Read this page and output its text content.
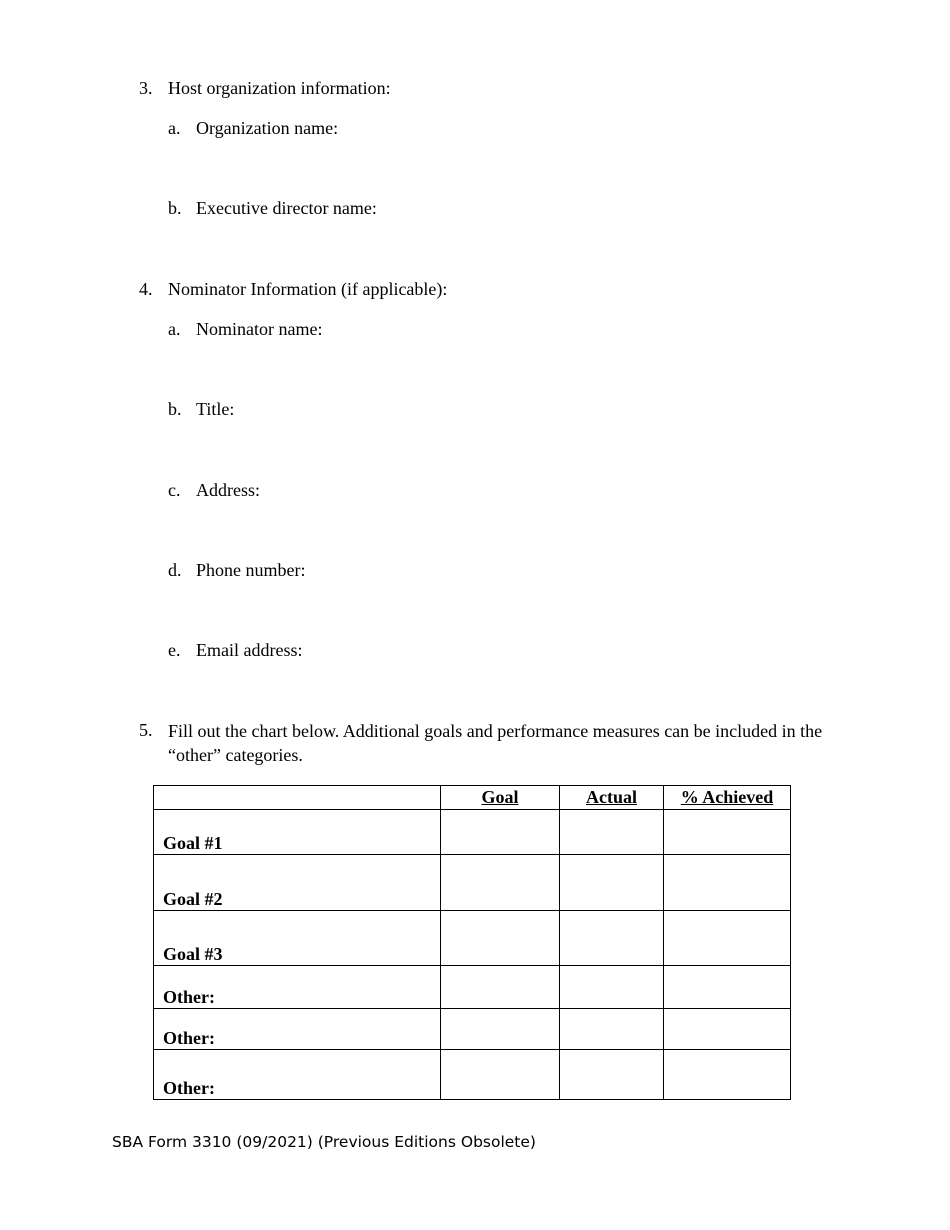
3. Host organization information:
a. Organization name:
b. Executive director name:
4. Nominator Information (if applicable):
a. Nominator name:
b. Title:
c. Address:
d. Phone number:
e. Email address:
5. Fill out the chart below. Additional goals and performance measures can be included in the “other” categories.
	Goal	Actual	% Achieved
Goal #1			
Goal #2			
Goal #3			
Other:			
Other:			
Other:			
SBA Form 3310 (09/2021) (Previous Editions Obsolete)
